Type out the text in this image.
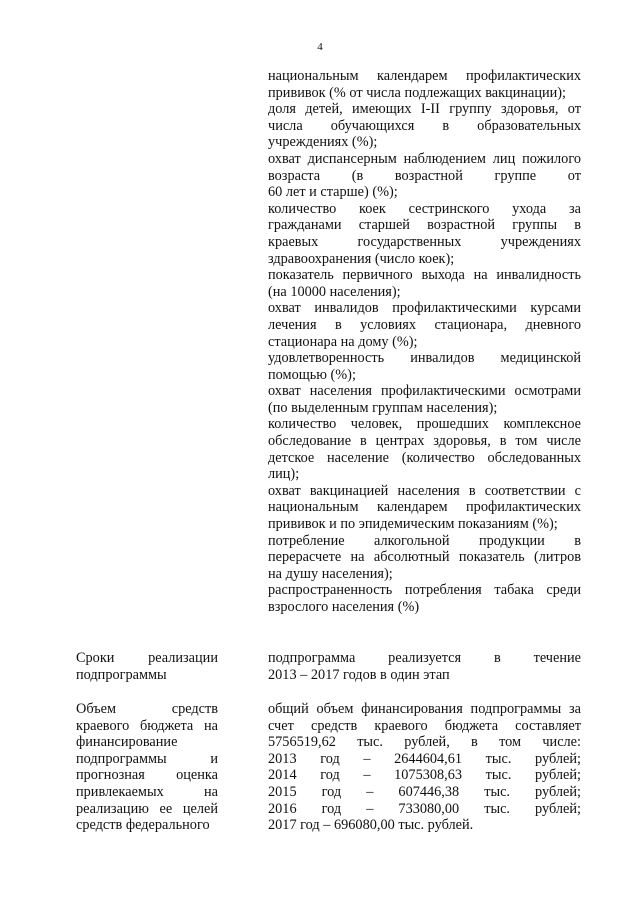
4
национальным календарем профилактических
прививок (% от числа подлежащих вакцинации);
доля детей, имеющих I-II группу здоровья, от
числа обучающихся в образовательных
учреждениях (%);
охват диспансерным наблюдением лиц пожилого
возраста (в возрастной группе от
60 лет и старше) (%);
количество коек сестринского ухода за
гражданами старшей возрастной группы в
краевых государственных учреждениях
здравоохранения (число коек);
показатель первичного выхода на инвалидность
(на 10000 населения);
охват инвалидов профилактическими курсами
лечения в условиях стационара, дневного
стационара на дому (%);
удовлетворенность инвалидов медицинской
помощью (%);
охват населения профилактическими осмотрами
(по выделенным группам населения);
количество человек, прошедших комплексное
обследование в центрах здоровья, в том числе
детское население (количество обследованных
лиц);
охват вакцинацией населения в соответствии с
национальным календарем профилактических
прививок и по эпидемическим показаниям (%);
потребление алкогольной продукции в
перерасчете на абсолютный показатель (литров
на душу населения);
распространенность потребления табака среди
взрослого населения (%)
Сроки реализации
подпрограммы
подпрограмма реализуется в течение
2013 – 2017 годов в один этап
Объем средств
краевого бюджета на
финансирование
подпрограммы и
прогнозная оценка
привлекаемых на
реализацию ее целей
средств федерального
общий объем финансирования подпрограммы за
счет средств краевого бюджета составляет
5756519,62 тыс. рублей, в том числе:
2013 год – 2644604,61 тыс. рублей;
2014 год – 1075308,63 тыс. рублей;
2015 год – 607446,38 тыс. рублей;
2016 год – 733080,00 тыс. рублей;
2017 год – 696080,00 тыс. рублей.
